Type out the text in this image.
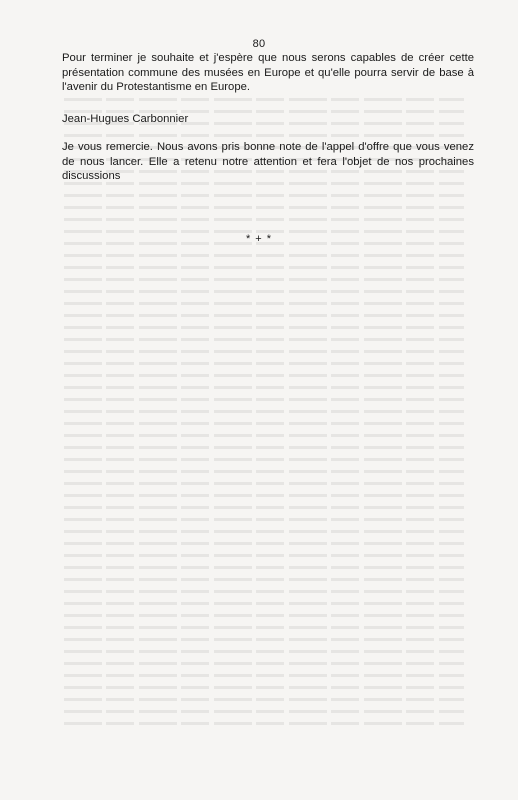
80

Pour terminer je souhaite et j'espère que nous serons capables de créer cette présentation commune des musées en Europe et qu'elle pourra servir de base à l'avenir du Protestantisme en Europe.

Jean-Hugues Carbonnier

Je vous remercie. Nous avons pris bonne note de l'appel d'offre que vous venez de nous lancer. Elle a retenu notre attention et fera l'objet de nos prochaines discussions

* + *
